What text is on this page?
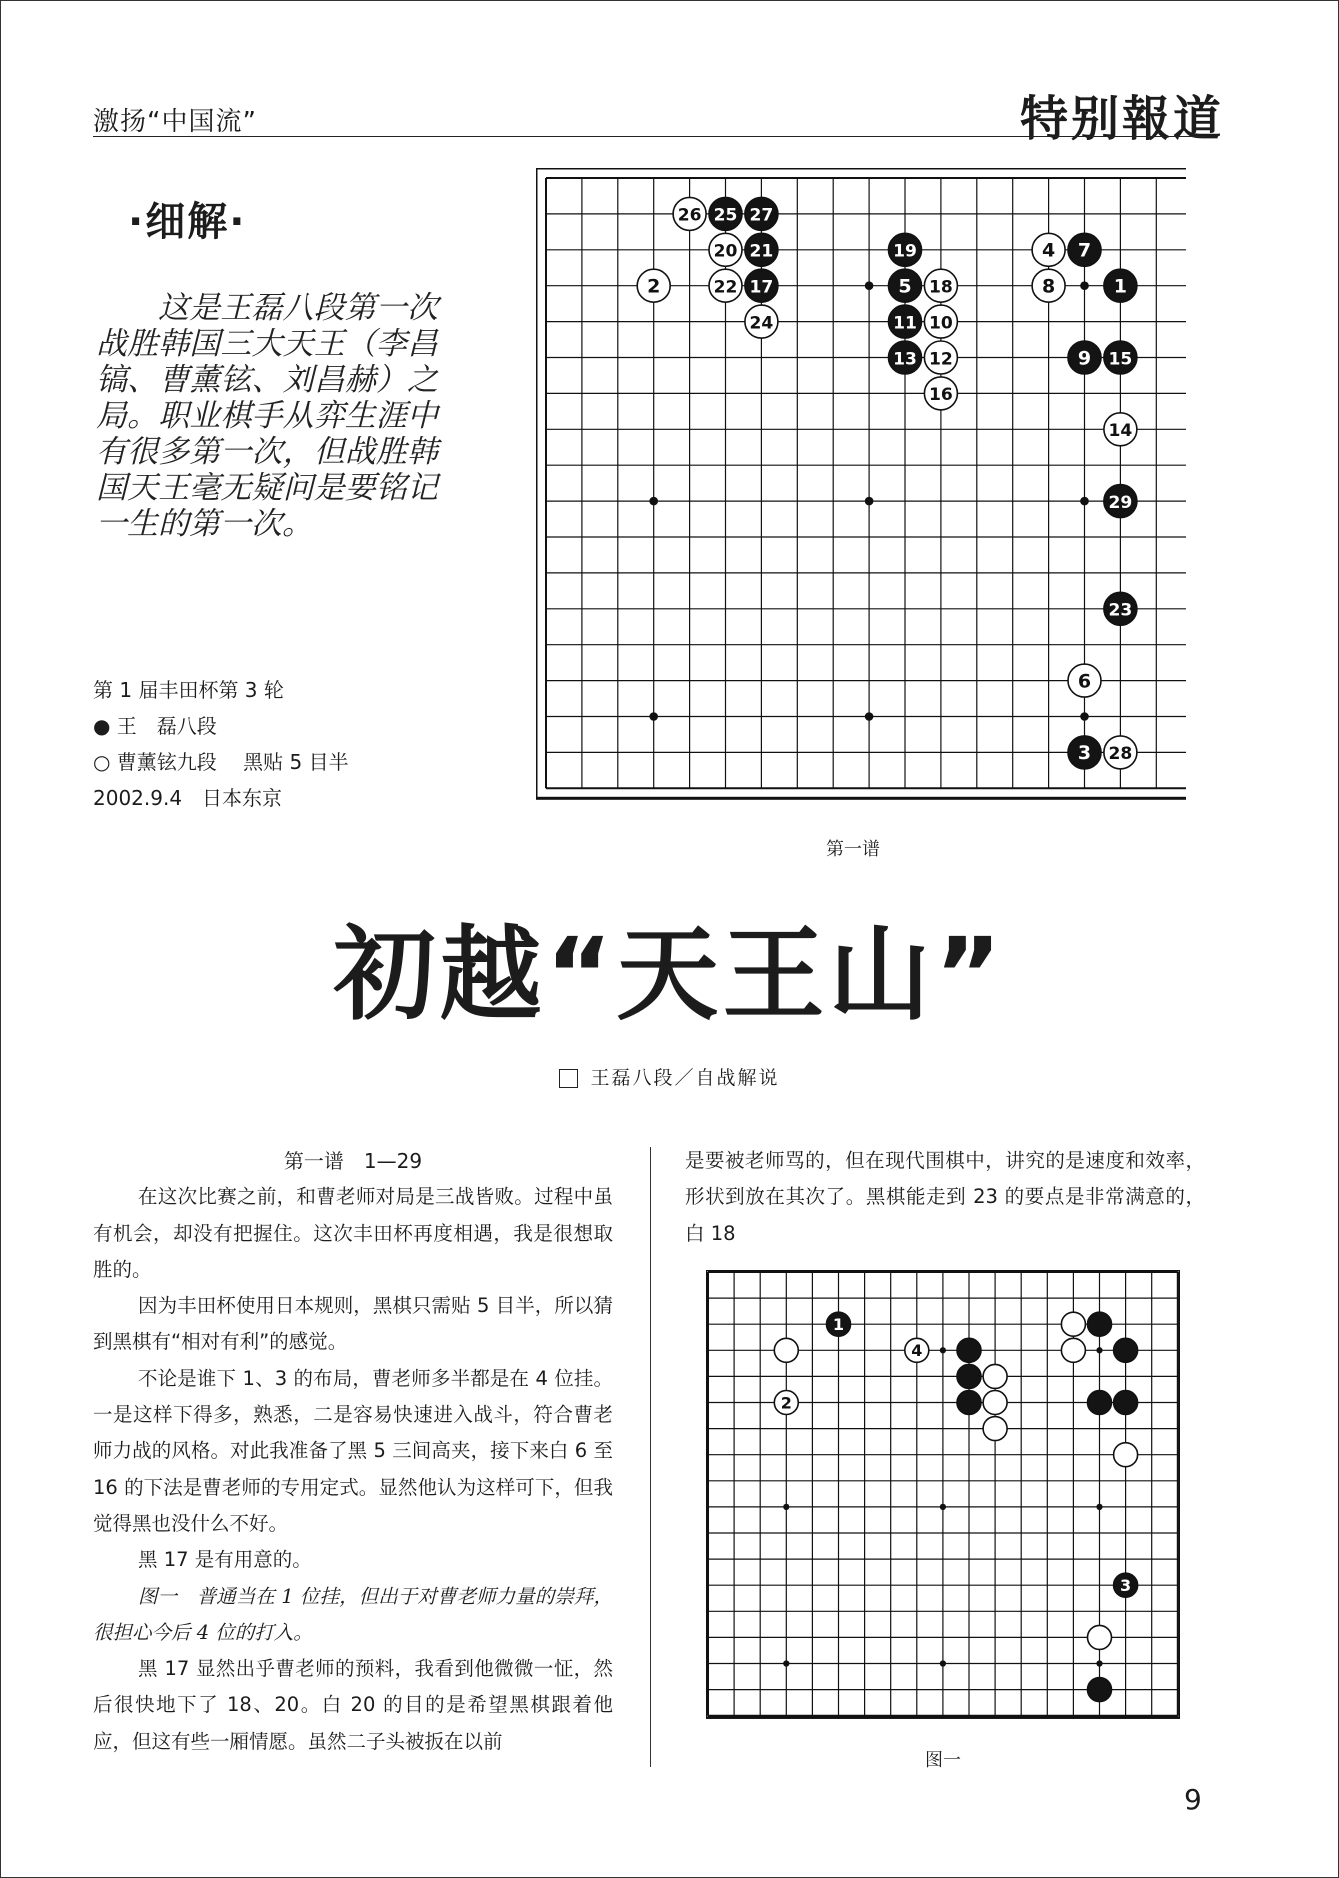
激扬“中国流”	特别報道
·细解·
这是王磊八段第一次战胜韩国三大天王（李昌镐、曹薰铉、刘昌赫）之局。职业棋手从弈生涯中有很多第一次，但战胜韩国天王毫无疑问是要铭记一生的第一次。
第 1 届丰田杯第 3 轮
● 王　磊八段
○ 曹薰铉九段　 黑贴 5 目半
2002.9.4　日本东京
1
2
3
4
5
6
7
8
9
10
11
12
13
14
15
16
17	18
19
20 21
22
23
24
25
26	27
28
29
第一谱
初越“天王山”
王磊八段／自战解说
第一谱　1—29

在这次比赛之前，和曹老师对局是三战皆败。过程中虽有机会，却没有把握住。这次丰田杯再度相遇，我是很想取胜的。

因为丰田杯使用日本规则，黑棋只需贴 5 目半，所以猜到黑棋有“相对有利”的感觉。

不论是谁下 1、3 的布局，曹老师多半都是在 4 位挂。一是这样下得多，熟悉，二是容易快速进入战斗，符合曹老师力战的风格。对此我准备了黑 5 三间高夹，接下来白 6 至 16 的下法是曹老师的专用定式。显然他认为这样可下，但我觉得黑也没什么不好。

黑 17 是有用意的。

图一　普通当在 1 位挂，但出于对曹老师力量的崇拜，很担心今后 4 位的打入。

黑 17 显然出乎曹老师的预料，我看到他微微一怔，然后很快地下了 18、20。白 20 的目的是希望黑棋跟着他应，但这有些一厢情愿。虽然二子头被扳在以前

是要被老师骂的，但在现代围棋中，讲究的是速度和效率，形状到放在其次了。黑棋能走到 23 的要点是非常满意的，白 18

1
2
3
4
图一
9
